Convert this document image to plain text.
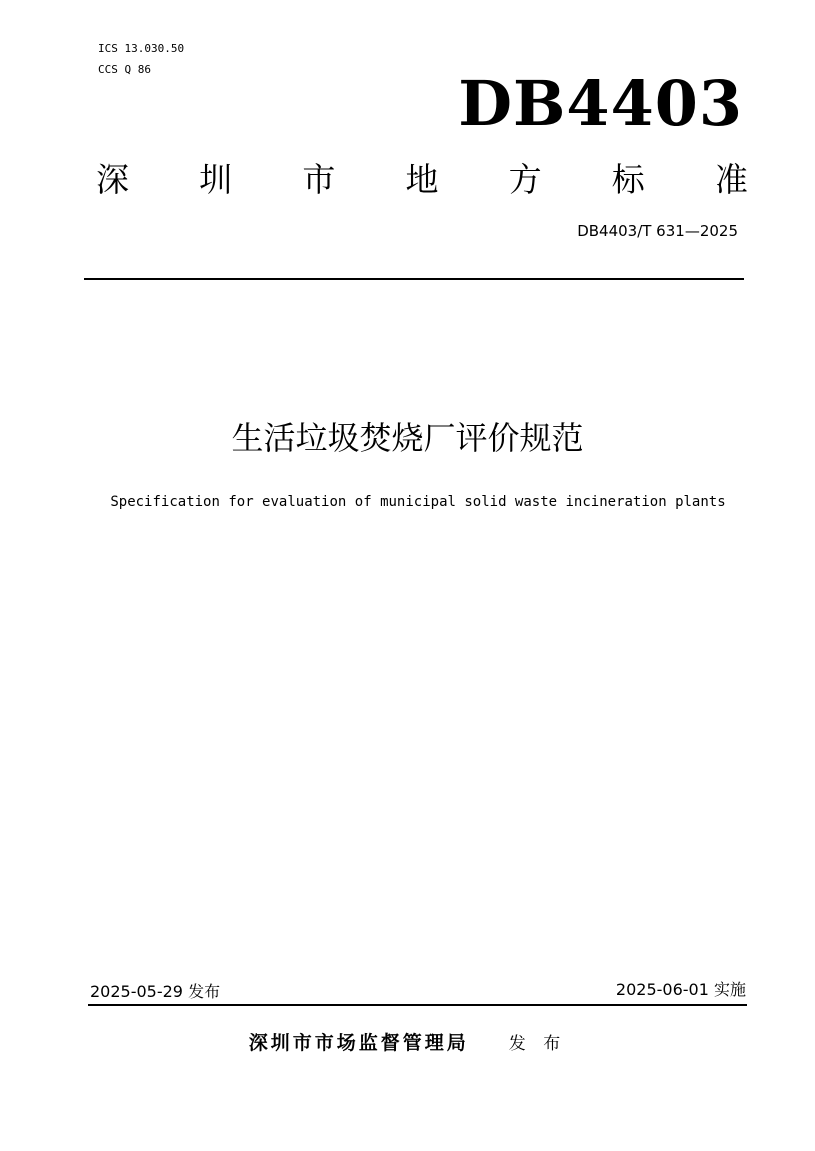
ICS 13.030.50
CCS Q 86	DB4403
深 圳 市 地 方 标 准
DB4403/T 631—2025
生活垃圾焚烧厂评价规范
Specification for evaluation of municipal solid waste incineration plants
2025-05-29 发布	2025-06-01 实施
深圳市市场监督管理局 发 布
